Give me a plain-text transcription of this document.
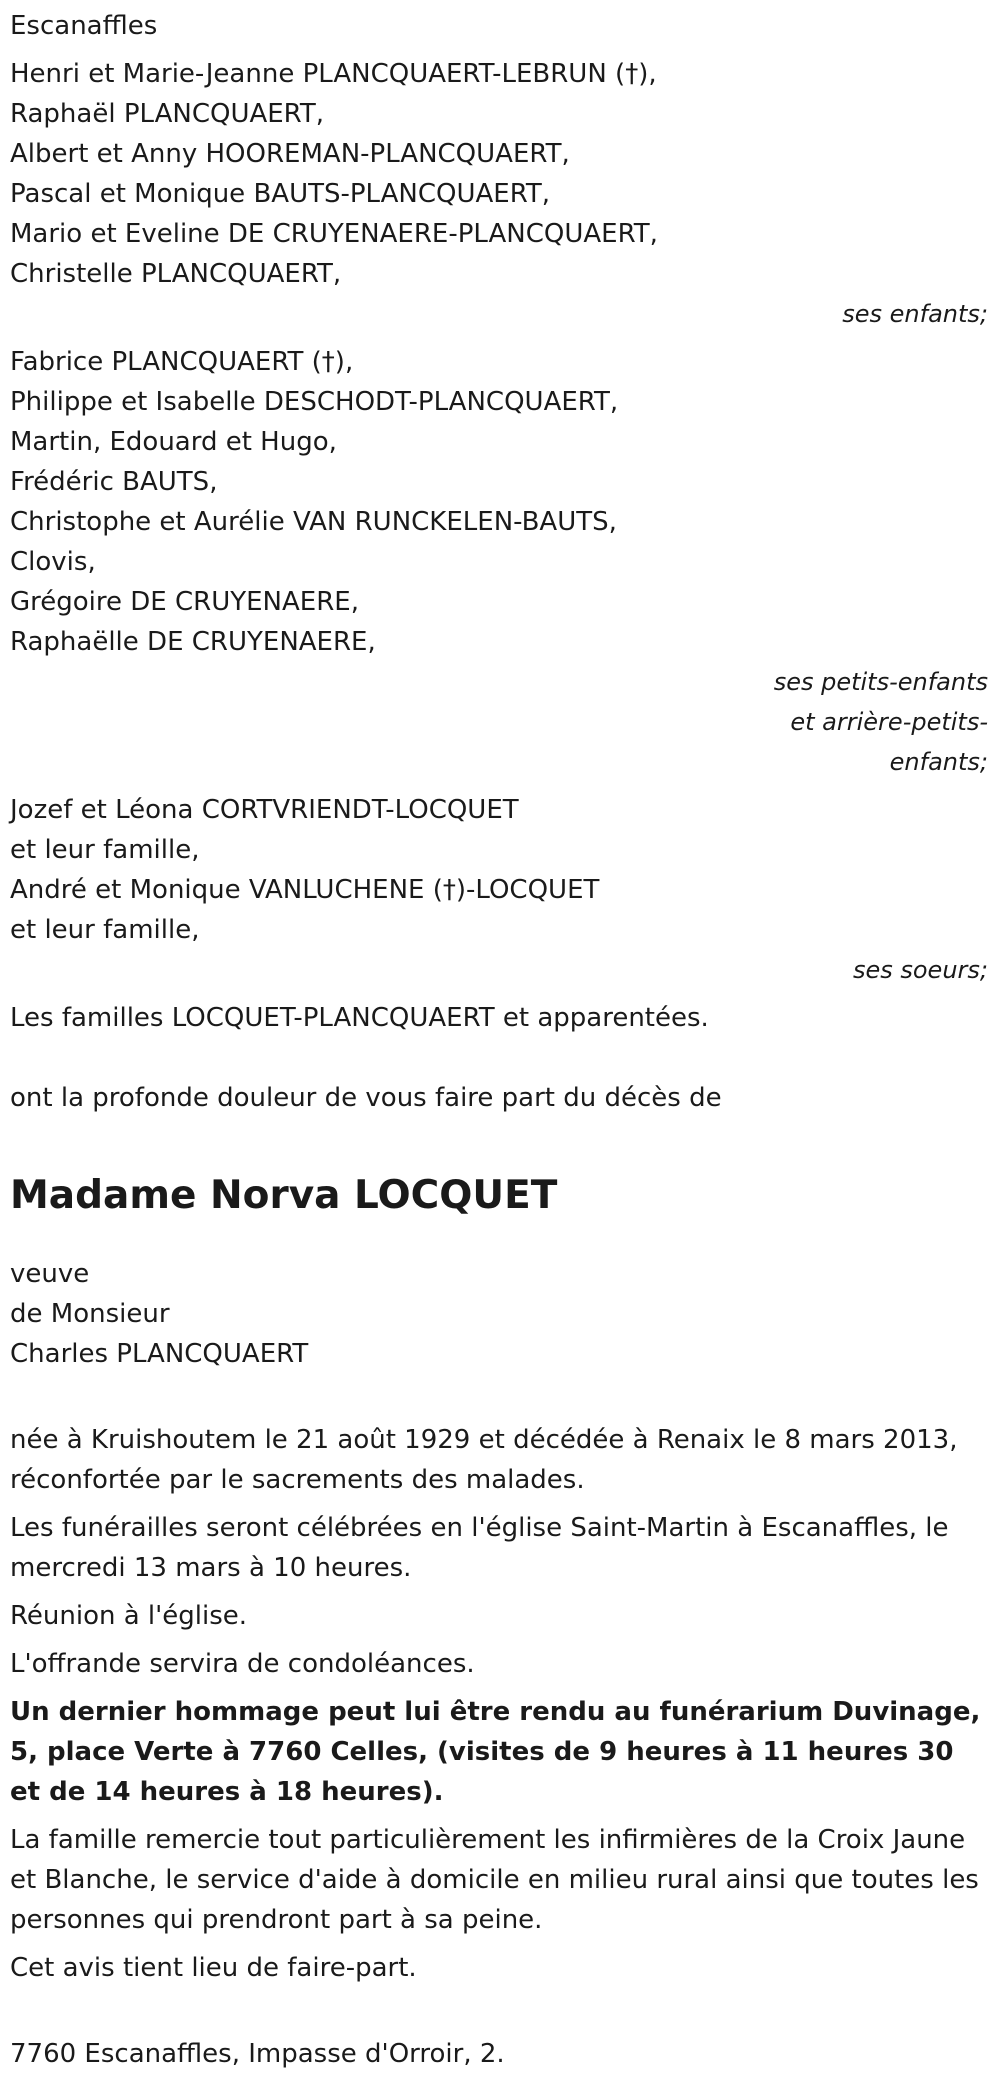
Escanaffles
Henri et Marie-Jeanne PLANCQUAERT-LEBRUN (†),
Raphaël PLANCQUAERT,
Albert et Anny HOOREMAN-PLANCQUAERT,
Pascal et Monique BAUTS-PLANCQUAERT,
Mario et Eveline DE CRUYENAERE-PLANCQUAERT,
Christelle PLANCQUAERT,
ses enfants;
Fabrice PLANCQUAERT (†),
Philippe et Isabelle DESCHODT-PLANCQUAERT,
Martin, Edouard et Hugo,
Frédéric BAUTS,
Christophe et Aurélie VAN RUNCKELEN-BAUTS,
Clovis,
Grégoire DE CRUYENAERE,
Raphaëlle DE CRUYENAERE,
ses petits-enfants
et arrière-petits-
enfants;
Jozef et Léona CORTVRIENDT-LOCQUET
et leur famille,
André et Monique VANLUCHENE (†)-LOCQUET
et leur famille,
ses soeurs;
Les familles LOCQUET-PLANCQUAERT et apparentées.
ont la profonde douleur de vous faire part du décès de
Madame Norva LOCQUET
veuve
de Monsieur
Charles PLANCQUAERT
née à Kruishoutem le 21 août 1929 et décédée à Renaix le 8 mars 2013, réconfortée par le sacrements des malades.
Les funérailles seront célébrées en l'église Saint-Martin à Escanaffles, le mercredi 13 mars à 10 heures.
Réunion à l'église.
L'offrande servira de condoléances.
Un dernier hommage peut lui être rendu au funérarium Duvinage, 5, place Verte à 7760 Celles, (visites de 9 heures à 11 heures 30 et de 14 heures à 18 heures).
La famille remercie tout particulièrement les infirmières de la Croix Jaune et Blanche, le service d'aide à domicile en milieu rural ainsi que toutes les personnes qui prendront part à sa peine.
Cet avis tient lieu de faire-part.
7760 Escanaffles, Impasse d'Orroir, 2.
